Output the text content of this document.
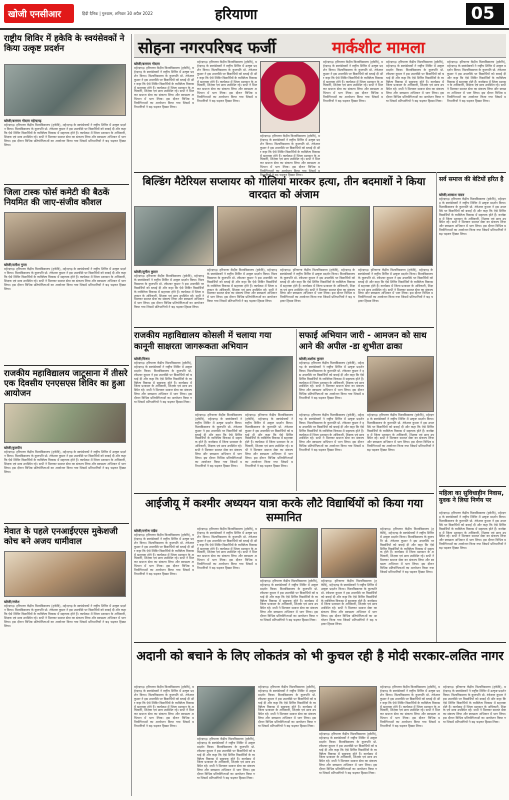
खोजी एनसीआर	हिंदी दैनिक | गुरुग्राम, शनिवार 30 अप्रैल 2022	हरियाणा	05
राष्ट्रीय शिविर में हकेवि के स्वयंसेवकों ने किया उत्कृष्ट प्रदर्शन
खोजी/बलराम गोदारा महेन्द्रगढ़
महेन्द्रगढ़। हरियाणा केंद्रीय विश्वविद्यालय (हकेवि), महेन्द्रगढ़ के स्वयंसेवकों ने राष्ट्रीय शिविर में उत्कृष्ट प्रदर्शन किया। विश्वविद्यालय के कुलपति प्रो. टंकेश्वर कुमार ने इस उपलब्धि पर विद्यार्थियों को बधाई दी और कहा कि ऐसे शिविर विद्यार्थियों के व्यक्तित्व विकास में सहायक होते हैं। कार्यक्रम में जिला प्रशासन के अधिकारी, शिक्षक एवं छात्र उपस्थित रहे। सभी ने मिलकर समाज सेवा का संकल्प लिया और स्वच्छता अभियान में भाग लिया। इस दौरान विभिन्न प्रतियोगिताओं का आयोजन किया गया जिसमें प्रतिभागियों ने बढ़ चढ़कर हिस्सा लिया।
जिला टास्क फोर्स कमेटी की बैठकें नियमित की जाए-संजीव कौशल
खोजी/सतीश गुप्ता
महेन्द्रगढ़। हरियाणा केंद्रीय विश्वविद्यालय (हकेवि), महेन्द्रगढ़ के स्वयंसेवकों ने राष्ट्रीय शिविर में उत्कृष्ट प्रदर्शन किया। विश्वविद्यालय के कुलपति प्रो. टंकेश्वर कुमार ने इस उपलब्धि पर विद्यार्थियों को बधाई दी और कहा कि ऐसे शिविर विद्यार्थियों के व्यक्तित्व विकास में सहायक होते हैं। कार्यक्रम में जिला प्रशासन के अधिकारी, शिक्षक एवं छात्र उपस्थित रहे। सभी ने मिलकर समाज सेवा का संकल्प लिया और स्वच्छता अभियान में भाग लिया। इस दौरान विभिन्न प्रतियोगिताओं का आयोजन किया गया जिसमें प्रतिभागियों ने बढ़ चढ़कर हिस्सा लिया।
राजकीय महाविद्यालय जाटूसाना में तीसरे एक दिवसीय एनएसएस शिविर का हुआ आयोजन
खोजी/कुलदीप
महेन्द्रगढ़। हरियाणा केंद्रीय विश्वविद्यालय (हकेवि), महेन्द्रगढ़ के स्वयंसेवकों ने राष्ट्रीय शिविर में उत्कृष्ट प्रदर्शन किया। विश्वविद्यालय के कुलपति प्रो. टंकेश्वर कुमार ने इस उपलब्धि पर विद्यार्थियों को बधाई दी और कहा कि ऐसे शिविर विद्यार्थियों के व्यक्तित्व विकास में सहायक होते हैं। कार्यक्रम में जिला प्रशासन के अधिकारी, शिक्षक एवं छात्र उपस्थित रहे। सभी ने मिलकर समाज सेवा का संकल्प लिया और स्वच्छता अभियान में भाग लिया। इस दौरान विभिन्न प्रतियोगिताओं का आयोजन किया गया जिसमें प्रतिभागियों ने बढ़ चढ़कर हिस्सा लिया।
मेवात के पहले एनआईएएस मुकेशजी कोच बने अजय धामीवाल
खोजी/राजेश
महेन्द्रगढ़। हरियाणा केंद्रीय विश्वविद्यालय (हकेवि), महेन्द्रगढ़ के स्वयंसेवकों ने राष्ट्रीय शिविर में उत्कृष्ट प्रदर्शन किया। विश्वविद्यालय के कुलपति प्रो. टंकेश्वर कुमार ने इस उपलब्धि पर विद्यार्थियों को बधाई दी और कहा कि ऐसे शिविर विद्यार्थियों के व्यक्तित्व विकास में सहायक होते हैं। कार्यक्रम में जिला प्रशासन के अधिकारी, शिक्षक एवं छात्र उपस्थित रहे। सभी ने मिलकर समाज सेवा का संकल्प लिया और स्वच्छता अभियान में भाग लिया। इस दौरान विभिन्न प्रतियोगिताओं का आयोजन किया गया जिसमें प्रतिभागियों ने बढ़ चढ़कर हिस्सा लिया।
सोहना नगरपरिषद फर्जी	मार्कशीट मामला
खोजी/बलराम गोदारा
महेन्द्रगढ़। हरियाणा केंद्रीय विश्वविद्यालय (हकेवि), महेन्द्रगढ़ के स्वयंसेवकों ने राष्ट्रीय शिविर में उत्कृष्ट प्रदर्शन किया। विश्वविद्यालय के कुलपति प्रो. टंकेश्वर कुमार ने इस उपलब्धि पर विद्यार्थियों को बधाई दी और कहा कि ऐसे शिविर विद्यार्थियों के व्यक्तित्व विकास में सहायक होते हैं। कार्यक्रम में जिला प्रशासन के अधिकारी, शिक्षक एवं छात्र उपस्थित रहे। सभी ने मिलकर समाज सेवा का संकल्प लिया और स्वच्छता अभियान में भाग लिया। इस दौरान विभिन्न प्रतियोगिताओं का आयोजन किया गया जिसमें प्रतिभागियों ने बढ़ चढ़कर हिस्सा लिया।
महेन्द्रगढ़। हरियाणा केंद्रीय विश्वविद्यालय (हकेवि), महेन्द्रगढ़ के स्वयंसेवकों ने राष्ट्रीय शिविर में उत्कृष्ट प्रदर्शन किया। विश्वविद्यालय के कुलपति प्रो. टंकेश्वर कुमार ने इस उपलब्धि पर विद्यार्थियों को बधाई दी और कहा कि ऐसे शिविर विद्यार्थियों के व्यक्तित्व विकास में सहायक होते हैं। कार्यक्रम में जिला प्रशासन के अधिकारी, शिक्षक एवं छात्र उपस्थित रहे। सभी ने मिलकर समाज सेवा का संकल्प लिया और स्वच्छता अभियान में भाग लिया। इस दौरान विभिन्न प्रतियोगिताओं का आयोजन किया गया जिसमें प्रतिभागियों ने बढ़ चढ़कर हिस्सा लिया।
महेन्द्रगढ़। हरियाणा केंद्रीय विश्वविद्यालय (हकेवि), महेन्द्रगढ़ के स्वयंसेवकों ने राष्ट्रीय शिविर में उत्कृष्ट प्रदर्शन किया। विश्वविद्यालय के कुलपति प्रो. टंकेश्वर कुमार ने इस उपलब्धि पर विद्यार्थियों को बधाई दी और कहा कि ऐसे शिविर विद्यार्थियों के व्यक्तित्व विकास में सहायक होते हैं। कार्यक्रम में जिला प्रशासन के अधिकारी, शिक्षक एवं छात्र उपस्थित रहे। सभी ने मिलकर समाज सेवा का संकल्प लिया और स्वच्छता अभियान में भाग लिया। इस दौरान विभिन्न प्र तिभागियों ने बढ़ चढ़कर हिस्सा लिया।
महेन्द्रगढ़। हरियाणा केंद्रीय विश्वविद्यालय (हकेवि), महेन्द्रगढ़ के स्वयंसेवकों ने राष्ट्रीय शिविर में उत्कृष्ट प्रदर्शन किया। विश्वविद्यालय के कुलपति प्रो. टंकेश्वर कुमार ने इस उपलब्धि पर विद्यार्थियों को बधाई दी और कहा कि ऐसे शिविर विद्यार्थियों के व्यक्तित्व विकास में सहायक होते हैं। कार्यक्रम में जिला प्रशासन के अधिकारी, शिक्षक एवं छात्र उपस्थित रहे। सभी ने मिलकर समाज सेवा का संकल्प लिया और स्वच्छता अभियान में भाग लिया। इस दौरान विभिन्न प्रतियोगिताओं का आयोजन किया गया जिसमें प्रतिभागियों ने बढ़ चढ़कर हिस्सा लिया।
महेन्द्रगढ़। हरियाणा केंद्रीय विश्वविद्यालय (हकेवि), महेन्द्रगढ़ के स्वयंसेवकों ने राष्ट्रीय शिविर में उत्कृष्ट प्रदर्शन किया। विश्वविद्यालय के कुलपति प्रो. टंकेश्वर कुमार ने इस उपलब्धि पर विद्यार्थियों को बधाई दी और कहा कि ऐसे शिविर विद्यार्थियों के व्यक्तित्व विकास में सहायक होते हैं। कार्यक्रम में जिला प्रशासन के अधिकारी, शिक्षक एवं छात्र उपस्थित रहे। सभी ने मिलकर समाज सेवा का संकल्प लिया और स्वच्छता अभियान में भाग लिया। इस दौरान विभिन्न प्रतियोगिताओं का आयोजन किया गया जिसमें प्रतिभागियों ने बढ़ चढ़कर हिस्सा लिया।
महेन्द्रगढ़। हरियाणा केंद्रीय विश्वविद्यालय (हकेवि), महेन्द्रगढ़ के स्वयंसेवकों ने राष्ट्रीय शिविर में उत्कृष्ट प्रदर्शन किया। विश्वविद्यालय के कुलपति प्रो. टंकेश्वर कुमार ने इस उपलब्धि पर विद्यार्थियों को बधाई दी और कहा कि ऐसे शिविर विद्यार्थियों के व्यक्तित्व विकास में सहायक होते हैं। कार्यक्रम में जिला प्रशासन के अधिकारी, शिक्षक एवं छात्र उपस्थित रहे। सभी ने मिलकर समाज सेवा का संकल्प लिया और स्वच्छता अभियान में भाग लिया। इस दौरान विभिन्न प्रतियोगिताओं का आयोजन किया गया जिसमें प्रतिभागियों ने बढ़ चढ़कर हिस्सा लिया।
बिल्डिंग मैटेरियल सप्लायर को गोलियां मारकर हत्या, तीन बदमाशों ने किया वारदात को अंजाम
खोजी/सुनील कुमार
महेन्द्रगढ़। हरियाणा केंद्रीय विश्वविद्यालय (हकेवि), महेन्द्रगढ़ के स्वयंसेवकों ने राष्ट्रीय शिविर में उत्कृष्ट प्रदर्शन किया। विश्वविद्यालय के कुलपति प्रो. टंकेश्वर कुमार ने इस उपलब्धि पर विद्यार्थियों को बधाई दी और कहा कि ऐसे शिविर विद्यार्थियों के व्यक्तित्व विकास में सहायक होते हैं। कार्यक्रम में जिला प्रशासन के अधिकारी, शिक्षक एवं छात्र उपस्थित रहे। सभी ने मिलकर समाज सेवा का संकल्प लिया और स्वच्छता अभियान में भाग लिया। इस दौरान विभिन्न प्रतियोगिताओं का आयोजन किया गया जिसमें प्रतिभागियों ने बढ़ चढ़कर हिस्सा लिया।
महेन्द्रगढ़। हरियाणा केंद्रीय विश्वविद्यालय (हकेवि), महेन्द्रगढ़ के स्वयंसेवकों ने राष्ट्रीय शिविर में उत्कृष्ट प्रदर्शन किया। विश्वविद्यालय के कुलपति प्रो. टंकेश्वर कुमार ने इस उपलब्धि पर विद्यार्थियों को बधाई दी और कहा कि ऐसे शिविर विद्यार्थियों के व्यक्तित्व विकास में सहायक होते हैं। कार्यक्रम में जिला प्रशासन के अधिकारी, शिक्षक एवं छात्र उपस्थित रहे। सभी ने मिलकर समाज सेवा का संकल्प लिया और स्वच्छता अभियान में भाग लिया। इस दौरान विभिन्न प्रतियोगिताओं का आयोजन किया गया जिसमें प्रतिभागियों ने बढ़ चढ़कर हिस्सा लिया।
महेन्द्रगढ़। हरियाणा केंद्रीय विश्वविद्यालय (हकेवि), महेन्द्रगढ़ के स्वयंसेवकों ने राष्ट्रीय शिविर में उत्कृष्ट प्रदर्शन किया। विश्वविद्यालय के कुलपति प्रो. टंकेश्वर कुमार ने इस उपलब्धि पर विद्यार्थियों को बधाई दी और कहा कि ऐसे शिविर विद्यार्थियों के व्यक्तित्व विकास में सहायक होते हैं। कार्यक्रम में जिला प्रशासन के अधिकारी, शिक्षक एवं छात्र उपस्थित रहे। सभी ने मिलकर समाज सेवा का संकल्प लिया और स्वच्छता अभियान में भाग लिया। इस दौरान विभिन्न प्रतियोगिताओं का आयोजन किया गया जिसमें प्रतिभागियों ने बढ़ चढ़कर हिस्सा लिया।
महेन्द्रगढ़। हरियाणा केंद्रीय विश्वविद्यालय (हकेवि), महेन्द्रगढ़ के स्वयंसेवकों ने राष्ट्रीय शिविर में उत्कृष्ट प्रदर्शन किया। विश्वविद्यालय के कुलपति प्रो. टंकेश्वर कुमार ने इस उपलब्धि पर विद्यार्थियों को बधाई दी और कहा कि ऐसे शिविर विद्यार्थियों के व्यक्तित्व विकास में सहायक होते हैं। कार्यक्रम में जिला प्रशासन के अधिकारी, शिक्षक एवं छात्र उपस्थित रहे। सभी ने मिलकर समाज सेवा का संकल्प लिया और स्वच्छता अभियान में भाग लिया। इस दौरान विभिन्न प्रतियोगिताओं का आयोजन किया गया जिसमें प्रतिभागियों ने बढ़ चढ़कर हिस्सा लिया।
सर्व समाज की बेटियों हरित है
खोजी/आकाश यादव
महेन्द्रगढ़। हरियाणा केंद्रीय विश्वविद्यालय (हकेवि), महेन्द्रगढ़ के स्वयंसेवकों ने राष्ट्रीय शिविर में उत्कृष्ट प्रदर्शन किया। विश्वविद्यालय के कुलपति प्रो. टंकेश्वर कुमार ने इस उपलब्धि पर विद्यार्थियों को बधाई दी और कहा कि ऐसे शिविर विद्यार्थियों के व्यक्तित्व विकास में सहायक होते हैं। कार्यक्रम में जिला प्रशासन के अधिकारी, शिक्षक एवं छात्र उपस्थित रहे। सभी ने मिलकर समाज सेवा का संकल्प लिया और स्वच्छता अभियान में भाग लिया। इस दौरान विभिन्न प्रतियोगिताओं का आयोजन किया गया जिसमें प्रतिभागियों ने बढ़ चढ़कर हिस्सा लिया।
महिला का सुविधाहीन निवास, युवक ने लिया निर्णय पर
महेन्द्रगढ़। हरियाणा केंद्रीय विश्वविद्यालय (हकेवि), महेन्द्रगढ़ के स्वयंसेवकों ने राष्ट्रीय शिविर में उत्कृष्ट प्रदर्शन किया। विश्वविद्यालय के कुलपति प्रो. टंकेश्वर कुमार ने इस उपलब्धि पर विद्यार्थियों को बधाई दी और कहा कि ऐसे शिविर विद्यार्थियों के व्यक्तित्व विकास में सहायक होते हैं। कार्यक्रम में जिला प्रशासन के अधिकारी, शिक्षक एवं छात्र उपस्थित रहे। सभी ने मिलकर समाज सेवा का संकल्प लिया और स्वच्छता अभियान में भाग लिया। इस दौरान विभिन्न प्रतियोगिताओं का आयोजन किया गया जिसमें प्रतिभागियों ने बढ़ चढ़कर हिस्सा लिया।
राजकीय महाविद्यालय कोसली में चलाया गया कानूनी साक्षरता जागरूकता अभियान
खोजी/विजय
महेन्द्रगढ़। हरियाणा केंद्रीय विश्वविद्यालय (हकेवि), महेन्द्रगढ़ के स्वयंसेवकों ने राष्ट्रीय शिविर में उत्कृष्ट प्रदर्शन किया। विश्वविद्यालय के कुलपति प्रो. टंकेश्वर कुमार ने इस उपलब्धि पर विद्यार्थियों को बधाई दी और कहा कि ऐसे शिविर विद्यार्थियों के व्यक्तित्व विकास में सहायक होते हैं। कार्यक्रम में जिला प्रशासन के अधिकारी, शिक्षक एवं छात्र उपस्थित रहे। सभी ने मिलकर समाज सेवा का संकल्प लिया और स्वच्छता अभियान में भाग लिया। इस दौरान विभिन्न प्रतियोगिताओं का आयोजन किया गया जिसमें प्रतिभागियों ने बढ़ चढ़कर हिस्सा लिया।
महेन्द्रगढ़। हरियाणा केंद्रीय विश्वविद्यालय (हकेवि), महेन्द्रगढ़ के स्वयंसेवकों ने राष्ट्रीय शिविर में उत्कृष्ट प्रदर्शन किया। विश्वविद्यालय के कुलपति प्रो. टंकेश्वर कुमार ने इस उपलब्धि पर विद्यार्थियों को बधाई दी और कहा कि ऐसे शिविर विद्यार्थियों के व्यक्तित्व विकास में सहायक होते हैं। कार्यक्रम में जिला प्रशासन के अधिकारी, शिक्षक एवं छात्र उपस्थित रहे। सभी ने मिलकर समाज सेवा का संकल्प लिया और स्वच्छता अभियान में भाग लिया। इस दौरान विभिन्न प्रतियोगिताओं का आयोजन किया गया जिसमें प्रतिभागियों ने बढ़ चढ़कर हिस्सा लिया।
महेन्द्रगढ़। हरियाणा केंद्रीय विश्वविद्यालय (हकेवि), महेन्द्रगढ़ के स्वयंसेवकों ने राष्ट्रीय शिविर में उत्कृष्ट प्रदर्शन किया। विश्वविद्यालय के कुलपति प्रो. टंकेश्वर कुमार ने इस उपलब्धि पर विद्यार्थियों को बधाई दी और कहा कि ऐसे शिविर विद्यार्थियों के व्यक्तित्व विकास में सहायक होते हैं। कार्यक्रम में जिला प्रशासन के अधिकारी, शिक्षक एवं छात्र उपस्थित रहे। सभी ने मिलकर समाज सेवा का संकल्प लिया और स्वच्छता अभियान में भाग लिया। इस दौरान विभिन्न प्रतियोगिताओं का आयोजन किया गया जिसमें प्रतिभागियों ने बढ़ चढ़कर हिस्सा लिया।
सफाई अभियान जारी - आमजन को साथ आने की अपील -डा शुभीता ढाका
खोजी/अशोक कुमार
महेन्द्रगढ़। हरियाणा केंद्रीय विश्वविद्यालय (हकेवि), महेन्द्रगढ़ के स्वयंसेवकों ने राष्ट्रीय शिविर में उत्कृष्ट प्रदर्शन किया। विश्वविद्यालय के कुलपति प्रो. टंकेश्वर कुमार ने इस उपलब्धि पर विद्यार्थियों को बधाई दी और कहा कि ऐसे शिविर विद्यार्थियों के व्यक्तित्व विकास में सहायक होते हैं। कार्यक्रम में जिला प्रशासन के अधिकारी, शिक्षक एवं छात्र उपस्थित रहे। सभी ने मिलकर समाज सेवा का संकल्प लिया और स्वच्छता अभियान में भाग लिया। इस दौरान विभिन्न प्रतियोगिताओं का आयोजन किया गया जिसमें प्रतिभागियों ने बढ़ चढ़कर हिस्सा लिया।
महेन्द्रगढ़। हरियाणा केंद्रीय विश्वविद्यालय (हकेवि), महेन्द्रगढ़ के स्वयंसेवकों ने राष्ट्रीय शिविर में उत्कृष्ट प्रदर्शन किया। विश्वविद्यालय के कुलपति प्रो. टंकेश्वर कुमार ने इस उपलब्धि पर विद्यार्थियों को बधाई दी और कहा कि ऐसे शिविर विद्यार्थियों के व्यक्तित्व विकास में सहायक होते हैं। कार्यक्रम में जिला प्रशासन के अधिकारी, शिक्षक एवं छात्र उपस्थित रहे। सभी ने मिलकर समाज सेवा का संकल्प लिया और स्वच्छता अभियान में भाग लिया। इस दौरान विभिन्न प्रतियोगिताओं का आयोजन किया गया जिसमें प्रतिभागियों ने बढ़ चढ़कर हिस्सा लिया।
महेन्द्रगढ़। हरियाणा केंद्रीय विश्वविद्यालय (हकेवि), महेन्द्रगढ़ के स्वयंसेवकों ने राष्ट्रीय शिविर में उत्कृष्ट प्रदर्शन किया। विश्वविद्यालय के कुलपति प्रो. टंकेश्वर कुमार ने इस उपलब्धि पर विद्यार्थियों को बधाई दी और कहा कि ऐसे शिविर विद्यार्थियों के व्यक्तित्व विकास में सहायक होते हैं। कार्यक्रम में जिला प्रशासन के अधिकारी, शिक्षक एवं छात्र उपस्थित रहे। सभी ने मिलकर समाज सेवा का संकल्प लिया और स्वच्छता अभियान में भाग लिया। इस दौरान विभिन्न प्रतियोगिताओं का आयोजन किया गया जिसमें प्रतिभागियों ने बढ़ चढ़कर हिस्सा लिया।
आईजीयू में कश्मीर अध्ययन यात्रा करके लौटे विद्यार्थियों को किया गया सम्मानित
खोजी/मनोज पांडेय
महेन्द्रगढ़। हरियाणा केंद्रीय विश्वविद्यालय (हकेवि), महेन्द्रगढ़ के स्वयंसेवकों ने राष्ट्रीय शिविर में उत्कृष्ट प्रदर्शन किया। विश्वविद्यालय के कुलपति प्रो. टंकेश्वर कुमार ने इस उपलब्धि पर विद्यार्थियों को बधाई दी और कहा कि ऐसे शिविर विद्यार्थियों के व्यक्तित्व विकास में सहायक होते हैं। कार्यक्रम में जिला प्रशासन के अधिकारी, शिक्षक एवं छात्र उपस्थित रहे। सभी ने मिलकर समाज सेवा का संकल्प लिया और स्वच्छता अभियान में भाग लिया। इस दौरान विभिन्न प्रतियोगिताओं का आयोजन किया गया जिसमें प्रतिभागियों ने बढ़ चढ़कर हिस्सा लिया।
महेन्द्रगढ़। हरियाणा केंद्रीय विश्वविद्यालय (हकेवि), महेन्द्रगढ़ के स्वयंसेवकों ने राष्ट्रीय शिविर में उत्कृष्ट प्रदर्शन किया। विश्वविद्यालय के कुलपति प्रो. टंकेश्वर कुमार ने इस उपलब्धि पर विद्यार्थियों को बधाई दी और कहा कि ऐसे शिविर विद्यार्थियों के व्यक्तित्व विकास में सहायक होते हैं। कार्यक्रम में जिला प्रशासन के अधिकारी, शिक्षक एवं छात्र उपस्थित रहे। सभी ने मिलकर समाज सेवा का संकल्प लिया और स्वच्छता अभियान में भाग लिया। इस दौरान विभिन्न प्रतियोगिताओं का आयोजन किया गया जिसमें प्रतिभागियों ने बढ़ चढ़कर हिस्सा लिया।
महेन्द्रगढ़। हरियाणा केंद्रीय विश्वविद्यालय (हकेवि), महेन्द्रगढ़ के स्वयंसेवकों ने राष्ट्रीय शिविर में उत्कृष्ट प्रदर्शन किया। विश्वविद्यालय के कुलपति प्रो. टंकेश्वर कुमार ने इस उपलब्धि पर विद्यार्थियों को बधाई दी और कहा कि ऐसे शिविर विद्यार्थियों के व्यक्तित्व विकास में सहायक होते हैं। कार्यक्रम में जिला प्रशासन के अधिकारी, शिक्षक एवं छात्र उपस्थित रहे। सभी ने मिलकर समाज सेवा का संकल्प लिया और स्वच्छता अभियान में भाग लिया। इस दौरान विभिन्न प्रतियोगिताओं का आयोजन किया गया जिसमें प्रतिभागियों ने बढ़ चढ़कर हिस्सा लिया।
महेन्द्रगढ़। हरियाणा केंद्रीय विश्वविद्यालय (हकेवि), महेन्द्रगढ़ के स्वयंसेवकों ने राष्ट्रीय शिविर में उत्कृष्ट प्रदर्शन किया। विश्वविद्यालय के कुलपति प्रो. टंकेश्वर कुमार ने इस उपलब्धि पर विद्यार्थियों को बधाई दी और कहा कि ऐसे शिविर विद्यार्थियों के व्यक्तित्व विकास में सहायक होते हैं। कार्यक्रम में जिला प्रशासन के अधिकारी, शिक्षक एवं छात्र उपस्थित रहे। सभी ने मिलकर समाज सेवा का संकल्प लिया और स्वच्छता अभियान में भाग लिया। इस दौरान विभिन्न प्रतियोगिताओं का आयोजन किया गया जिसमें प्रतिभागियों ने बढ़ चढ़कर हिस्सा लिया।
महेन्द्रगढ़। हरियाणा केंद्रीय विश्वविद्यालय (हकेवि), महेन्द्रगढ़ के स्वयंसेवकों ने राष्ट्रीय शिविर में उत्कृष्ट प्रदर्शन किया। विश्वविद्यालय के कुलपति प्रो. टंकेश्वर कुमार ने इस उपलब्धि पर विद्यार्थियों को बधाई दी और कहा कि ऐसे शिविर विद्यार्थियों के व्यक्तित्व विकास में सहायक होते हैं। कार्यक्रम में जिला प्रशासन के अधिकारी, शिक्षक एवं छात्र उपस्थित रहे। सभी ने मिलकर समाज सेवा का संकल्प लिया और स्वच्छता अभियान में भाग लिया। इस दौरान विभिन्न प्रतियोगिताओं का आयोजन किया गया जिसमें प्रतिभागियों ने बढ़ चढ़कर हिस्सा लिया।
अदानी को बचाने के लिए लोकतंत्र को भी कुचल रही है मोदी सरकार-ललित नागर
महेन्द्रगढ़। हरियाणा केंद्रीय विश्वविद्यालय (हकेवि), महेन्द्रगढ़ के स्वयंसेवकों ने राष्ट्रीय शिविर में उत्कृष्ट प्रदर्शन किया। विश्वविद्यालय के कुलपति प्रो. टंकेश्वर कुमार ने इस उपलब्धि पर विद्यार्थियों को बधाई दी और कहा कि ऐसे शिविर विद्यार्थियों के व्यक्तित्व विकास में सहायक होते हैं। कार्यक्रम में जिला प्रशासन के अधिकारी, शिक्षक एवं छात्र उपस्थित रहे। सभी ने मिलकर समाज सेवा का संकल्प लिया और स्वच्छता अभियान में भाग लिया। इस दौरान विभिन्न प्रतियोगिताओं का आयोजन किया गया जिसमें प्रतिभागियों ने बढ़ चढ़कर हिस्सा लिया।
महेन्द्रगढ़। हरियाणा केंद्रीय विश्वविद्यालय (हकेवि), महेन्द्रगढ़ के स्वयंसेवकों ने राष्ट्रीय शिविर में उत्कृष्ट प्रदर्शन किया। विश्वविद्यालय के कुलपति प्रो. टंकेश्वर कुमार ने इस उपलब्धि पर विद्यार्थियों को बधाई दी और कहा कि ऐसे शिविर विद्यार्थियों के व्यक्तित्व विकास में सहायक होते हैं। कार्यक्रम में जिला प्रशासन के अधिकारी, शिक्षक एवं छात्र उपस्थित रहे। सभी ने मिलकर समाज सेवा का संकल्प लिया और स्वच्छता अभियान में भाग लिया। इस दौरान विभिन्न प्रतियोगिताओं का आयोजन किया गया जिसमें प्रतिभागियों ने बढ़ चढ़कर हिस्सा लिया।
महेन्द्रगढ़। हरियाणा केंद्रीय विश्वविद्यालय (हकेवि), महेन्द्रगढ़ के स्वयंसेवकों ने राष्ट्रीय शिविर में उत्कृष्ट प्रदर्शन किया। विश्वविद्यालय के कुलपति प्रो. टंकेश्वर कुमार ने इस उपलब्धि पर विद्यार्थियों को बधाई दी और कहा कि ऐसे शिविर विद्यार्थियों के व्यक्तित्व विकास में सहायक होते हैं। कार्यक्रम में जिला प्रशासन के अधिकारी, शिक्षक एवं छात्र उपस्थित रहे। सभी ने मिलकर समाज सेवा का संकल्प लिया और स्वच्छता अभियान में भाग लिया। इस दौरान विभिन्न प्रतियोगिताओं का आयोजन किया गया जिसमें प्रतिभागियों ने बढ़ चढ़कर हिस्सा लिया।
महेन्द्रगढ़। हरियाणा केंद्रीय विश्वविद्यालय (हकेवि), महेन्द्रगढ़ के स्वयंसेवकों ने राष्ट्रीय शिविर में उत्कृष्ट प्रदर्शन किया। विश्वविद्यालय के कुलपति प्रो. टंकेश्वर कुमार ने इस उपलब्धि पर विद्यार्थियों को बधाई दी और कहा कि ऐसे शिविर विद्यार्थियों के व्यक्तित्व विकास में सहायक होते हैं। कार्यक्रम में जिला प्रशासन के अधिकारी, शिक्षक एवं छात्र उपस्थित रहे। सभी ने मिलकर समाज सेवा का संकल्प लिया और स्वच्छता अभियान में भाग लिया। इस दौरान विभिन्न प्रतियोगिताओं का आयोजन किया गया जिसमें प्रतिभागियों ने बढ़ चढ़कर हिस्सा लिया।
महेन्द्रगढ़। हरियाणा केंद्रीय विश्वविद्यालय (हकेवि), महेन्द्रगढ़ के स्वयंसेवकों ने राष्ट्रीय शिविर में उत्कृष्ट प्रदर्शन किया। विश्वविद्यालय के कुलपति प्रो. टंकेश्वर कुमार ने इस उपलब्धि पर विद्यार्थियों को बधाई दी और कहा कि ऐसे शिविर विद्यार्थियों के व्यक्तित्व विकास में सहायक होते हैं। कार्यक्रम में जिला प्रशासन के अधिकारी, शिक्षक एवं छात्र उपस्थित रहे। सभी ने मिलकर समाज सेवा का संकल्प लिया और स्वच्छता अभियान में भाग लिया। इस दौरान विभिन्न प्रतियोगिताओं का आयोजन किया गया जिसमें प्रतिभागियों ने बढ़ चढ़कर हिस्सा लिया।
महेन्द्रगढ़। हरियाणा केंद्रीय विश्वविद्यालय (हकेवि), महेन्द्रगढ़ के स्वयंसेवकों ने राष्ट्रीय शिविर में उत्कृष्ट प्रदर्शन किया। विश्वविद्यालय के कुलपति प्रो. टंकेश्वर कुमार ने इस उपलब्धि पर विद्यार्थियों को बधाई दी और कहा कि ऐसे शिविर विद्यार्थियों के व्यक्तित्व विकास में सहायक होते हैं। कार्यक्रम में जिला प्रशासन के अधिकारी, शिक्षक एवं छात्र उपस्थित रहे। सभी ने मिलकर समाज सेवा का संकल्प लिया और स्वच्छता अभियान में भाग लिया। इस दौरान विभिन्न प्रतियोगिताओं का आयोजन किया गया जिसमें प्रतिभागियों ने बढ़ चढ़कर हिस्सा लिया।
